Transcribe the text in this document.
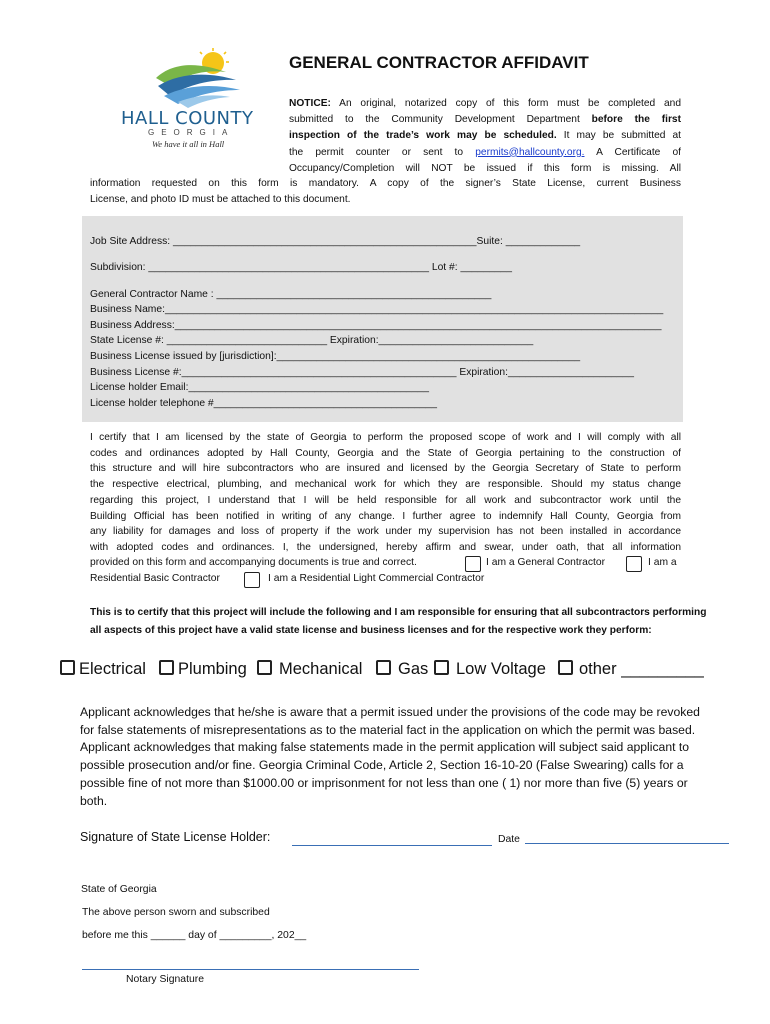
HALL COUNTY
GEORGIA
We have it all in Hall
GENERAL CONTRACTOR AFFIDAVIT
NOTICE: An original, notarized copy of this form must be completed and
submitted to the Community Development Department before the first
inspection of the trade’s work may be scheduled. It may be submitted at
the permit counter or sent to permits@hallcounty.org. A Certificate of
Occupancy/Completion will NOT be issued if this form is missing. All
information requested on this form is mandatory. A copy of the signer’s State License, current Business
License, and photo ID must be attached to this document.
Job Site Address: _____________________________________________________Suite: _____________
Subdivision: _________________________________________________ Lot #: _________
General Contractor Name : ________________________________________________
Business Name:_______________________________________________________________________________________
Business Address:_____________________________________________________________________________________
State License #: ____________________________ Expiration:___________________________
Business License issued by [jurisdiction]:_____________________________________________________
Business License #:________________________________________________ Expiration:______________________
License holder Email:__________________________________________
License holder telephone #_______________________________________
I certify that I am licensed by the state of Georgia to perform the proposed scope of work and I will comply with all
codes and ordinances adopted by Hall County, Georgia and the State of Georgia pertaining to the construction of
this structure and will hire subcontractors who are insured and licensed by the Georgia Secretary of State to perform
the respective electrical, plumbing, and mechanical work for which they are responsible. Should my status change
regarding this project, I understand that I will be held responsible for all work and subcontractor work until the
Building Official has been notified in writing of any change. I further agree to indemnify Hall County, Georgia from
any liability for damages and loss of property if the work under my supervision has not been installed in accordance
with adopted codes and ordinances. I, the undersigned, hereby affirm and swear, under oath, that all information
provided on this form and accompanying documents is true and correct.	I am a General Contractor	I am a
Residential Basic Contractor	I am a Residential Light Commercial Contractor
This is to certify that this project will include the following and I am responsible for ensuring that all subcontractors performing
all aspects of this project have a valid state license and business licenses and for the respective work they perform:
Electrical Plumbing Mechanical Gas Low Voltage other _________
Applicant acknowledges that he/she is aware that a permit issued under the provisions of the code may be revoked
for false statements of misrepresentations as to the material fact in the application on which the permit was based.
Applicant acknowledges that making false statements made in the permit application will subject said applicant to
possible prosecution and/or fine. Georgia Criminal Code, Article 2, Section 16-10-20 (False Swearing) calls for a
possible fine of not more than $1000.00 or imprisonment for not less than one ( 1) nor more than five (5) years or
both.
Signature of State License Holder:	Date
State of Georgia
The above person sworn and subscribed
before me this ______ day of _________, 202__
Notary Signature
